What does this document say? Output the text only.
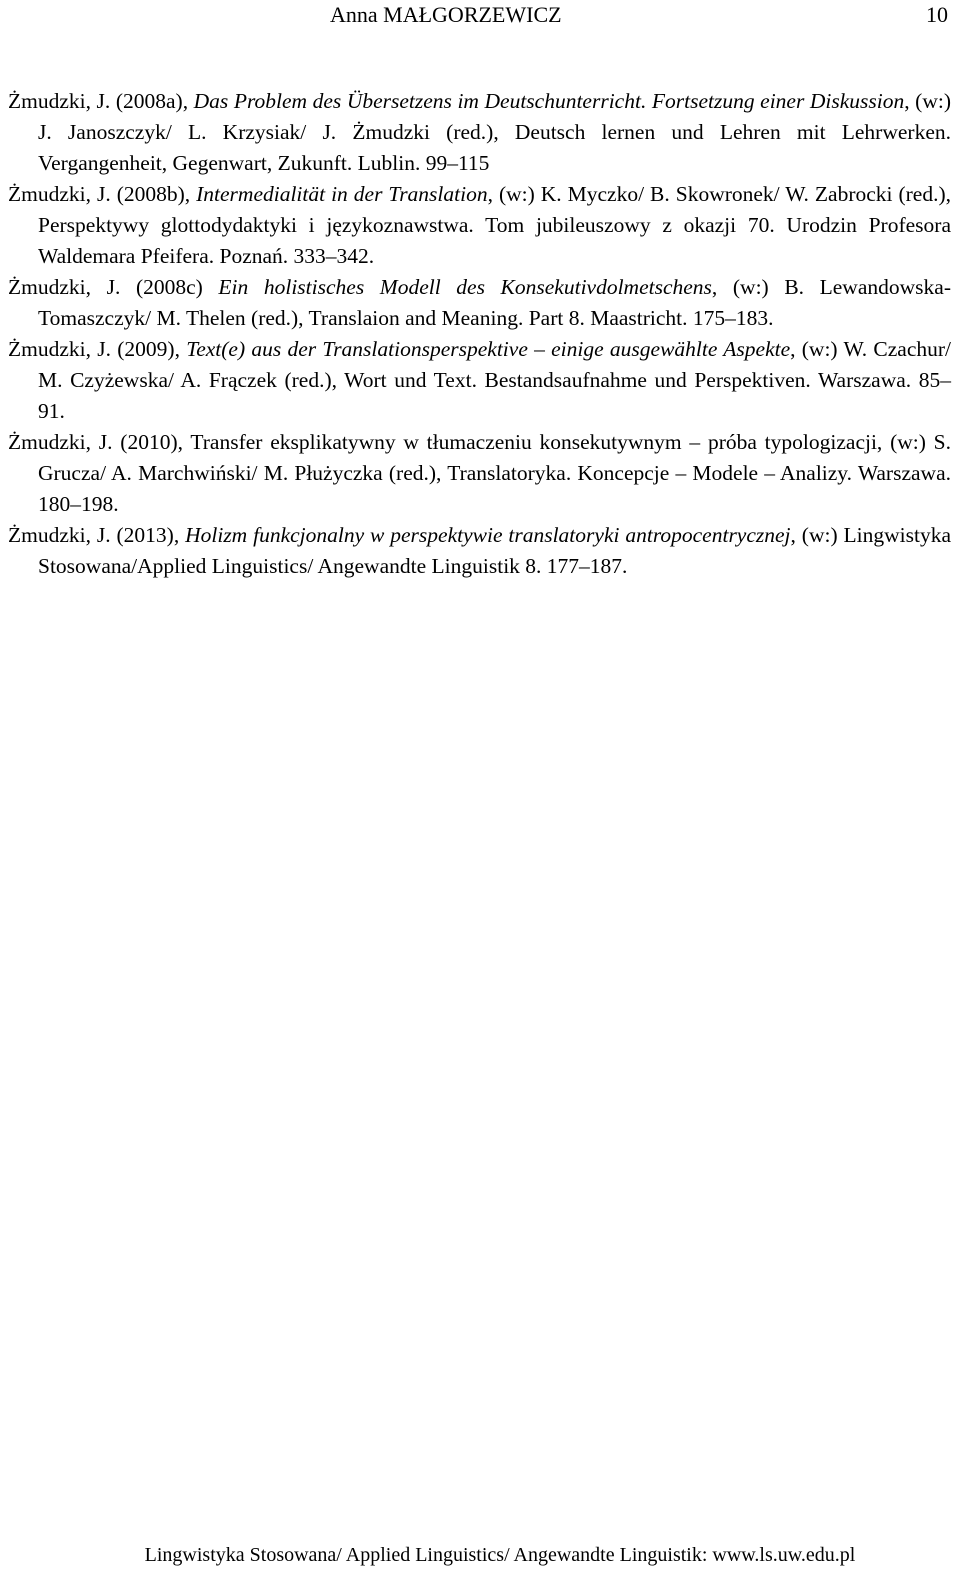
Anna MAŁGORZEWICZ	10

Żmudzki, J. (2008a), Das Problem des Übersetzens im Deutschunterricht. Fortsetzung einer Diskussion, (w:) J. Janoszczyk/ L. Krzysiak/ J. Żmudzki (red.), Deutsch lernen und Lehren mit Lehrwerken. Vergangenheit, Gegenwart, Zukunft. Lublin. 99–115

Żmudzki, J. (2008b), Intermedialität in der Translation, (w:) K. Myczko/ B. Skowronek/ W. Zabrocki (red.), Perspektywy glottodydaktyki i językoznawstwa. Tom jubileuszowy z okazji 70. Urodzin Profesora Waldemara Pfeifera. Poznań. 333–342.

Żmudzki, J. (2008c) Ein holistisches Modell des Konsekutivdolmetschens, (w:) B. Lewandowska-Tomaszczyk/ M. Thelen (red.), Translaion and Meaning. Part 8. Maastricht. 175–183.

Żmudzki, J. (2009), Text(e) aus der Translationsperspektive – einige ausgewählte Aspekte, (w:) W. Czachur/ M. Czyżewska/ A. Frączek (red.), Wort und Text. Bestandsaufnahme und Perspektiven. Warszawa. 85–91.

Żmudzki, J. (2010), Transfer eksplikatywny w tłumaczeniu konsekutywnym – próba typologizacji, (w:) S. Grucza/ A. Marchwiński/ M. Płużyczka (red.), Translatoryka. Koncepcje – Modele – Analizy. Warszawa. 180–198.

Żmudzki, J. (2013), Holizm funkcjonalny w perspektywie translatoryki antropocentrycznej, (w:) Lingwistyka Stosowana/Applied Linguistics/ Angewandte Linguistik 8. 177–187.

Lingwistyka Stosowana/ Applied Linguistics/ Angewandte Linguistik: www.ls.uw.edu.pl
